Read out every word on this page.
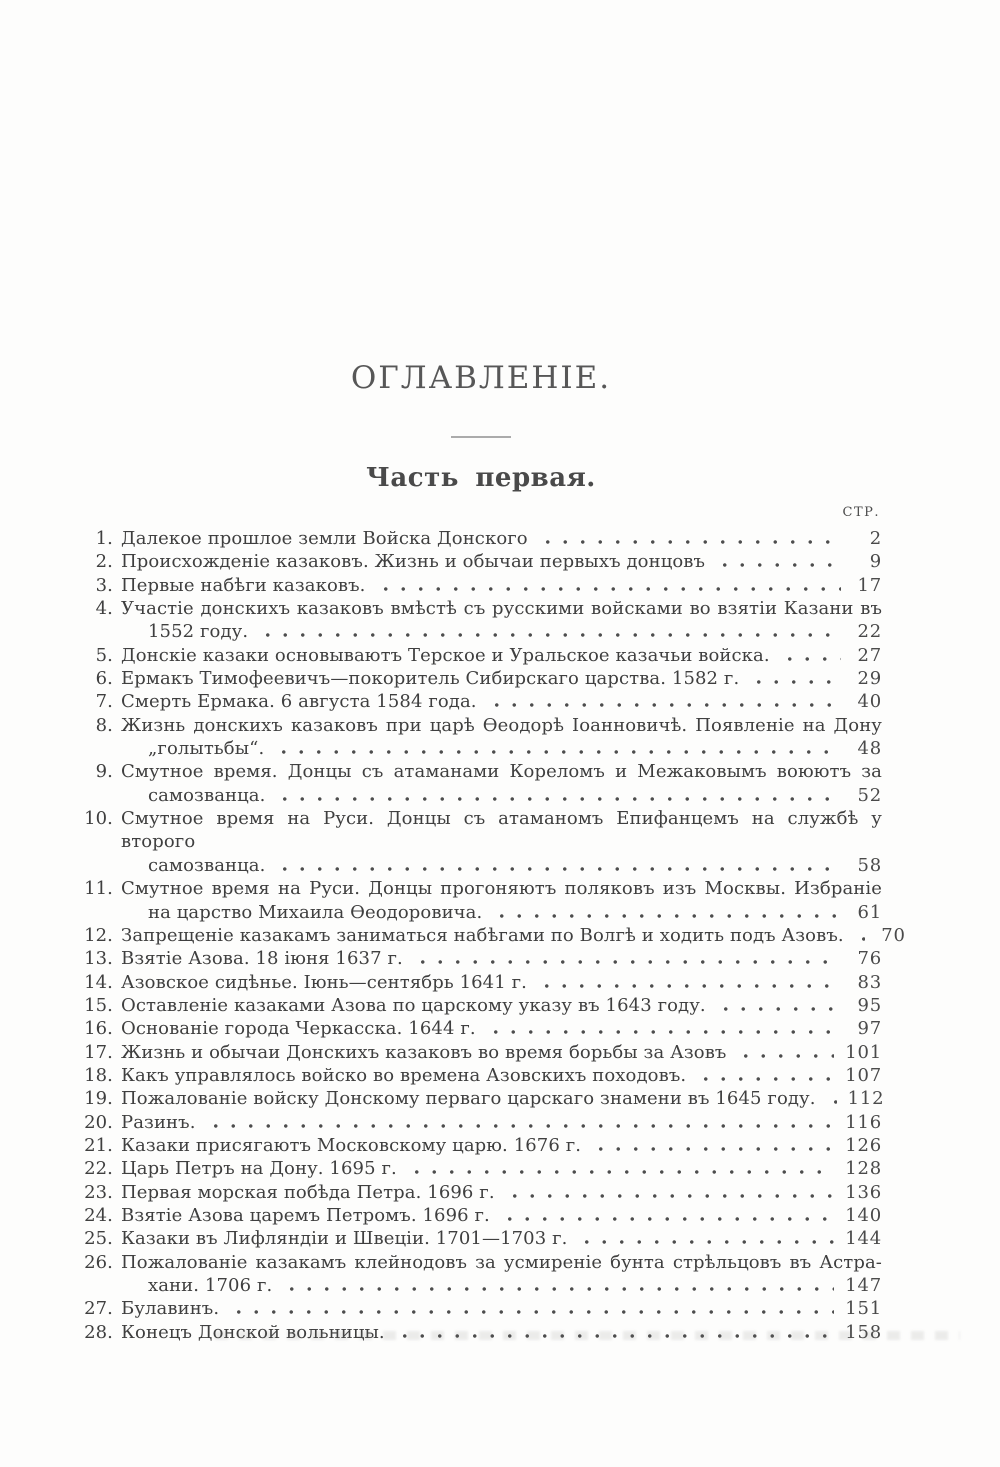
ОГЛАВЛЕНІЕ.
Часть первая.
СТР.
1. Далекое прошлое земли Войска Донского	2
2. Происхожденіе казаковъ. Жизнь и обычаи первыхъ донцовъ	9
3. Первые набѣги казаковъ.	17
4. Участіе донскихъ казаковъ вмѣстѣ съ русскими войсками во взятіи Казани въ
1552 году.	22
5. Донскіе казаки основываютъ Терское и Уральское казачьи войска.	27
6. Ермакъ Тимофеевичъ—покоритель Сибирскаго царства. 1582 г.	29
7. Смерть Ермака. 6 августа 1584 года.	40
8. Жизнь донскихъ казаковъ при царѣ Ѳеодорѣ Іоанновичѣ. Появленіе на Дону
„голытьбы“.	48
9. Смутное время. Донцы съ атаманами Кореломъ и Межаковымъ воюютъ за
самозванца.	52
10. Смутное время на Руси. Донцы съ атаманомъ Епифанцемъ на службѣ у второго
самозванца.	58
11. Смутное время на Руси. Донцы прогоняютъ поляковъ изъ Москвы. Избраніе
на царство Михаила Ѳеодоровича.	61
12. Запрещеніе казакамъ заниматься набѣгами по Волгѣ и ходить подъ Азовъ.	70
13. Взятіе Азова. 18 іюня 1637 г.	76
14. Азовское сидѣнье. Іюнь—сентябрь 1641 г.	83
15. Оставленіе казаками Азова по царскому указу въ 1643 году.	95
16. Основаніе города Черкасска. 1644 г.	97
17. Жизнь и обычаи Донскихъ казаковъ во время борьбы за Азовъ	101
18. Какъ управлялось войско во времена Азовскихъ походовъ.	107
19. Пожалованіе войску Донскому перваго царскаго знамени въ 1645 году. 112
20. Разинъ.	116
21. Казаки присягаютъ Московскому царю. 1676 г.	126
22. Царь Петръ на Дону. 1695 г.	128
23. Первая морская побѣда Петра. 1696 г.	136
24. Взятіе Азова царемъ Петромъ. 1696 г.	140
25. Казаки въ Лифляндіи и Швеціи. 1701—1703 г.	144
26. Пожалованіе казакамъ клейнодовъ за усмиреніе бунта стрѣльцовъ въ Астра-
хани. 1706 г.	147
27. Булавинъ.	151
28. Конецъ Донской вольницы.	158
